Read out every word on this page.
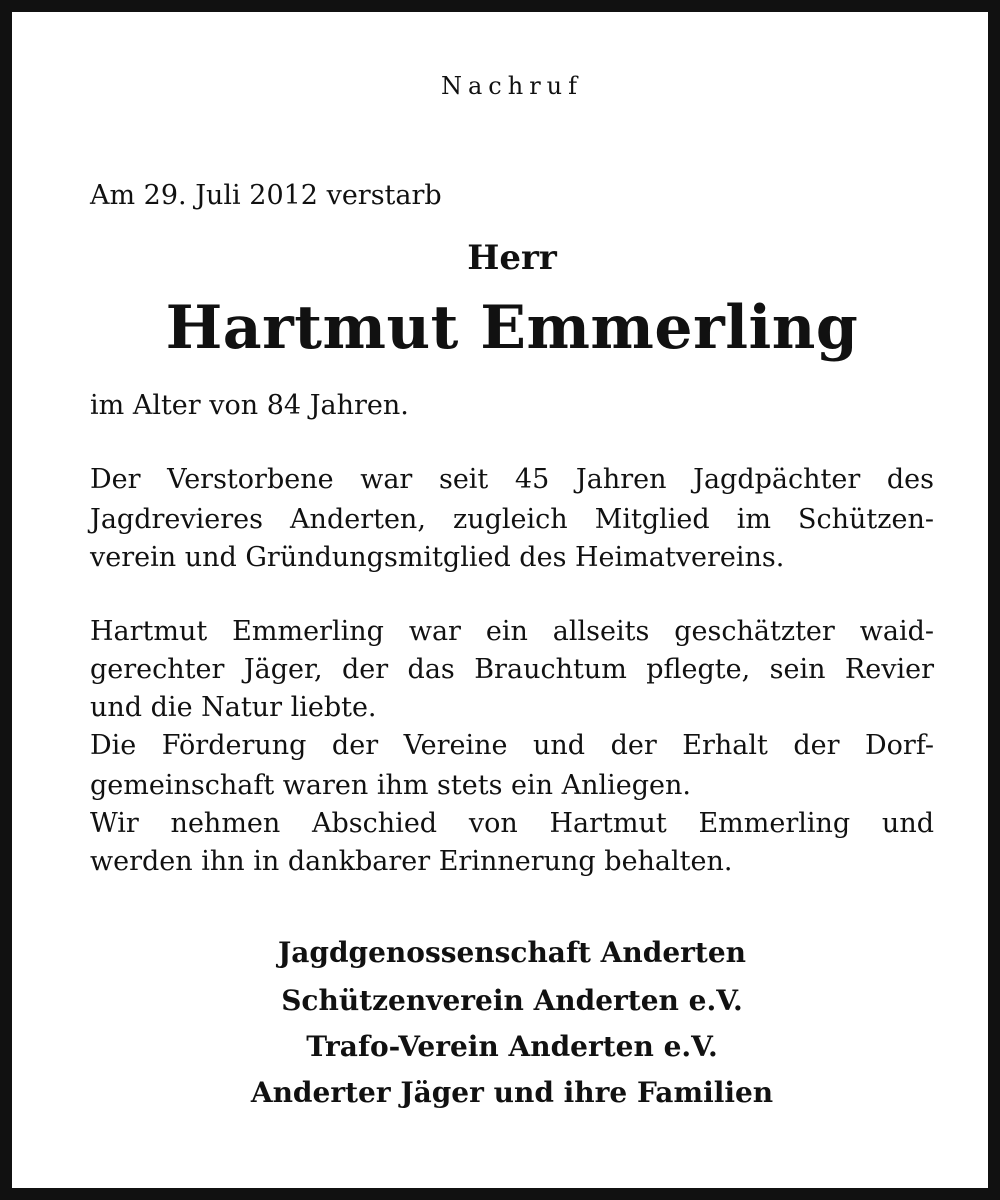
Nachruf
Am 29. Juli 2012 verstarb
Herr
Hartmut Emmerling
im Alter von 84 Jahren.
Der Verstorbene war seit 45 Jahren Jagdpächter des
Jagdrevieres Anderten, zugleich Mitglied im Schützen-
verein und Gründungsmitglied des Heimatvereins.
Hartmut Emmerling war ein allseits geschätzter waid-
gerechter Jäger, der das Brauchtum pflegte, sein Revier
und die Natur liebte.
Die Förderung der Vereine und der Erhalt der Dorf-
gemeinschaft waren ihm stets ein Anliegen.
Wir nehmen Abschied von Hartmut Emmerling und
werden ihn in dankbarer Erinnerung behalten.
Jagdgenossenschaft Anderten
Schützenverein Anderten e.V.
Trafo-Verein Anderten e.V.
Anderter Jäger und ihre Familien
